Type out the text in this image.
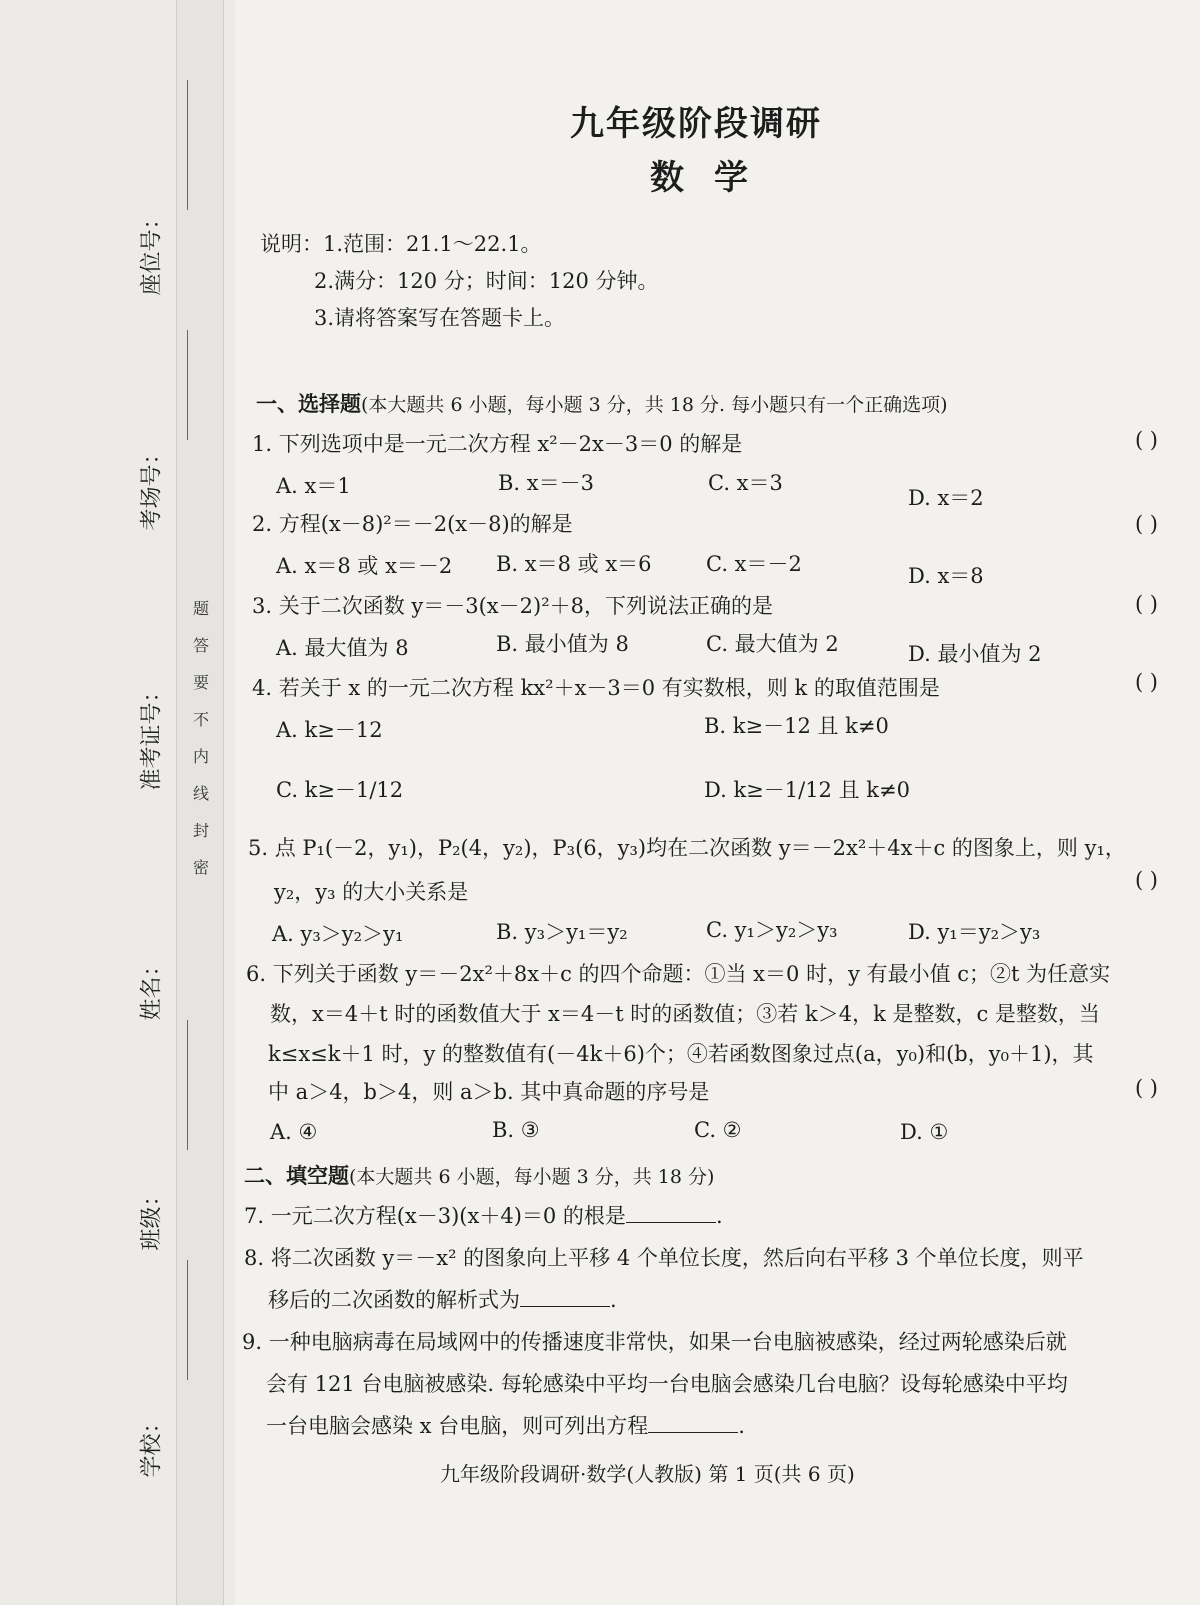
座位号：
考场号：
准考证号：
姓名：
班级：
学校：
题
答
要
不
内
线
封
密
九年级阶段调研
数学
说明：1.范围：21.1～22.1。
2.满分：120 分；时间：120 分钟。
3.请将答案写在答题卡上。
一、选择题(本大题共 6 小题，每小题 3 分，共 18 分. 每小题只有一个正确选项)
1. 下列选项中是一元二次方程 x²－2x－3＝0 的解是	( )
A. x＝1	B. x＝－3	C. x＝3
D. x＝2
2. 方程(x－8)²＝－2(x－8)的解是	( )
A. x＝8 或 x＝－2 B. x＝8 或 x＝6	C. x＝－2	D. x＝8
3. 关于二次函数 y＝－3(x－2)²＋8，下列说法正确的是	( )
A. 最大值为 8	B. 最小值为 8	C. 最大值为 2	D. 最小值为 2
4. 若关于 x 的一元二次方程 kx²＋x－3＝0 有实数根，则 k 的取值范围是	( )
A. k≥－12	B. k≥－12 且 k≠0
C. k≥－1/12	D. k≥－1/12 且 k≠0
5. 点 P₁(－2，y₁)，P₂(4，y₂)，P₃(6，y₃)均在二次函数 y＝－2x²＋4x＋c 的图象上，则 y₁，
y₂，y₃ 的大小关系是	( )
A. y₃＞y₂＞y₁	B. y₃＞y₁＝y₂	C. y₁＞y₂＞y₃	D. y₁＝y₂＞y₃
6. 下列关于函数 y＝－2x²＋8x＋c 的四个命题：①当 x＝0 时，y 有最小值 c；②t 为任意实
数，x＝4＋t 时的函数值大于 x＝4－t 时的函数值；③若 k＞4，k 是整数，c 是整数，当
k≤x≤k＋1 时，y 的整数值有(－4k＋6)个；④若函数图象过点(a，y₀)和(b，y₀＋1)，其
中 a＞4，b＞4，则 a＞b. 其中真命题的序号是	( )
A. ④	B. ③	C. ②	D. ①
二、填空题(本大题共 6 小题，每小题 3 分，共 18 分)
7. 一元二次方程(x－3)(x＋4)＝0 的根是	.
8. 将二次函数 y＝－x² 的图象向上平移 4 个单位长度，然后向右平移 3 个单位长度，则平
移后的二次函数的解析式为	.
9. 一种电脑病毒在局域网中的传播速度非常快，如果一台电脑被感染，经过两轮感染后就
会有 121 台电脑被感染. 每轮感染中平均一台电脑会感染几台电脑？设每轮感染中平均
一台电脑会感染 x 台电脑，则可列出方程	.
九年级阶段调研·数学(人教版) 第 1 页(共 6 页)
